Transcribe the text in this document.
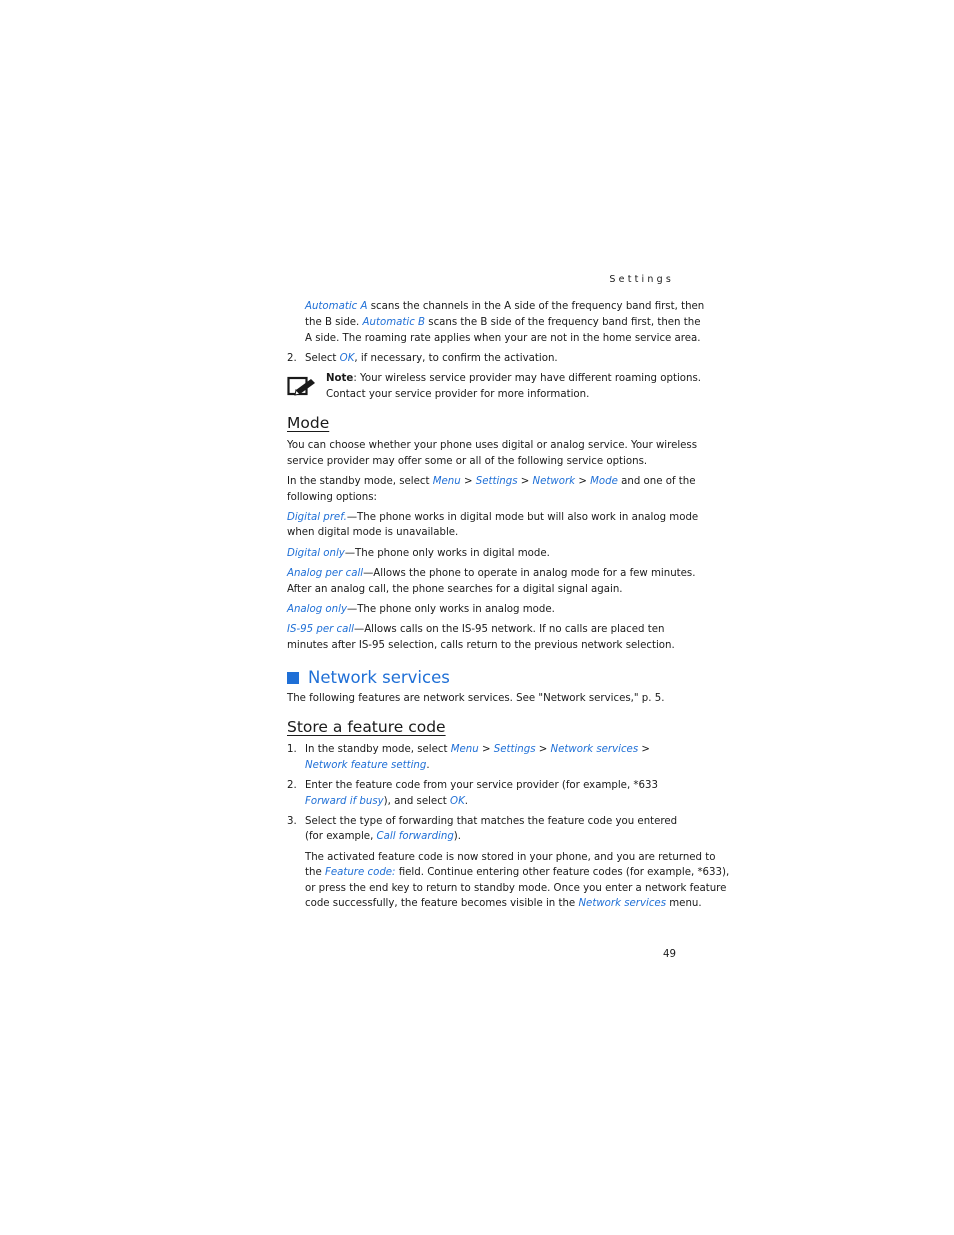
Settings
Automatic A scans the channels in the A side of the frequency band first, then
the B side. Automatic B scans the B side of the frequency band first, then the
A side. The roaming rate applies when your are not in the home service area.
2. Select OK, if necessary, to confirm the activation.
Note: Your wireless service provider may have different roaming options.
Contact your service provider for more information.
Mode
You can choose whether your phone uses digital or analog service. Your wireless
service provider may offer some or all of the following service options.
In the standby mode, select Menu > Settings > Network > Mode and one of the
following options:
Digital pref.—The phone works in digital mode but will also work in analog mode
when digital mode is unavailable.
Digital only—The phone only works in digital mode.
Analog per call—Allows the phone to operate in analog mode for a few minutes.
After an analog call, the phone searches for a digital signal again.
Analog only—The phone only works in analog mode.
IS-95 per call—Allows calls on the IS-95 network. If no calls are placed ten
minutes after IS-95 selection, calls return to the previous network selection.
Network services
The following features are network services. See "Network services," p. 5.
Store a feature code
1. In the standby mode, select Menu > Settings > Network services >
Network feature setting.
2. Enter the feature code from your service provider (for example, *633
Forward if busy), and select OK.
3. Select the type of forwarding that matches the feature code you entered
(for example, Call forwarding).
The activated feature code is now stored in your phone, and you are returned to
the Feature code: field. Continue entering other feature codes (for example, *633),
or press the end key to return to standby mode. Once you enter a network feature
code successfully, the feature becomes visible in the Network services menu.
49
